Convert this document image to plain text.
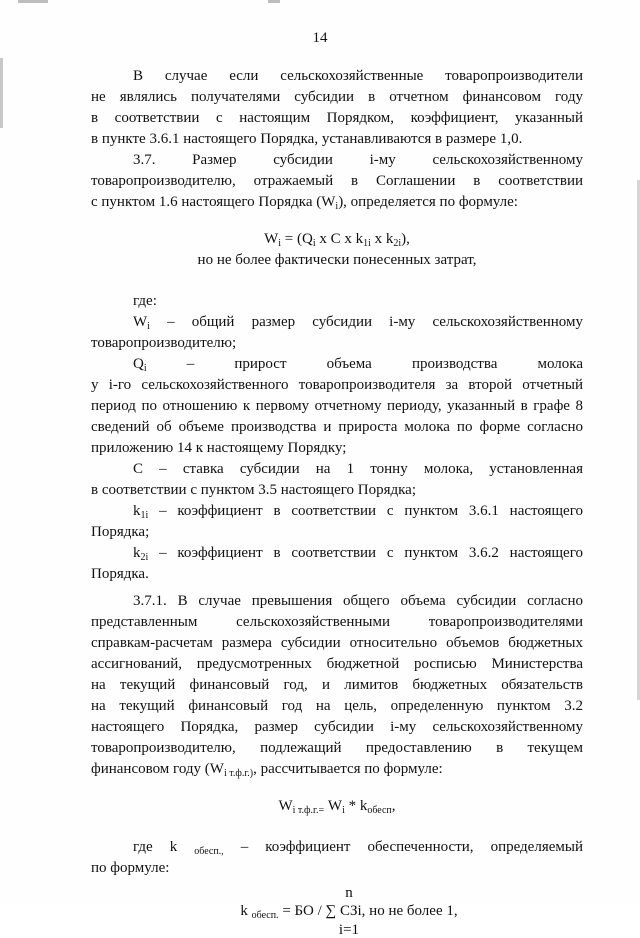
14

В случае если сельскохозяйственные товаропроизводители

не являлись получателями субсидии в отчетном финансовом году

в соответствии с настоящим Порядком, коэффициент, указанный

в пункте 3.6.1 настоящего Порядка, устанавливаются в размере 1,0.

3.7. Размер субсидии i-му сельскохозяйственному

товаропроизводителю, отражаемый в Соглашении в соответствии

с пунктом 1.6 настоящего Порядка $(W_i)$, определяется по формуле:

$W_i = (Q_i$ x C x $k_{1i}$ x $k_{2i}$),

но не более фактически понесенных затрат,

где:

$W_i$ – общий размер субсидии i-му сельскохозяйственному

товаропроизводителю;

$Q_i$ – прирост объема производства молока

у i-го сельскохозяйственного товаропроизводителя за второй отчетный

период по отношению к первому отчетному периоду, указанный в графе 8

сведений об объеме производства и прироста молока по форме согласно

приложению 14 к настоящему Порядку;

С – ставка субсидии на 1 тонну молока, установленная

в соответствии с пунктом 3.5 настоящего Порядка;

$k_{1i}$ – коэффициент в соответствии с пунктом 3.6.1 настоящего

Порядка;

$k_{2i}$ – коэффициент в соответствии с пунктом 3.6.2 настоящего

Порядка.

3.7.1. В случае превышения общего объема субсидии согласно

представленным сельскохозяйственными товаропроизводителями

справкам-расчетам размера субсидии относительно объемов бюджетных

ассигнований, предусмотренных бюджетной росписью Министерства

на текущий финансовый год, и лимитов бюджетных обязательств

на текущий финансовый год на цель, определенную пунктом 3.2

настоящего Порядка, размер субсидии i-му сельскохозяйственному

товаропроизводителю, подлежащий предоставлению в текущем

финансовом году ($W_{i т.ф.г.)}$, рассчитывается по формуле:

$W_{i т.ф.г.=}$ $W_i * k_{обесп}$,

где k $_{обесп.,}$ – коэффициент обеспеченности, определяемый

по формуле:

n

k $_{обесп.}$ = БО / ∑ СЗi, но не более 1,

i=1
